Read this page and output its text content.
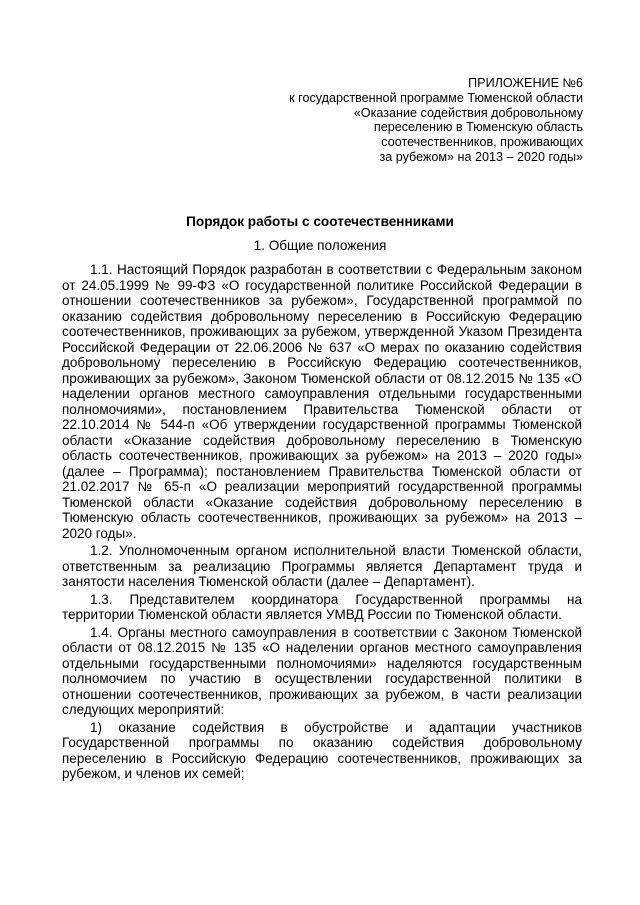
ПРИЛОЖЕНИЕ №6
к государственной программе Тюменской области
«Оказание содействия добровольному
переселению в Тюменскую область
соотечественников, проживающих
за рубежом» на 2013 – 2020 годы»
Порядок работы с соотечественниками
1. Общие положения

1.1. Настоящий Порядок разработан в соответствии с Федеральным законом от 24.05.1999 № 99-ФЗ «О государственной политике Российской Федерации в отношении соотечественников за рубежом», Государственной программой по оказанию содействия добровольному переселению в Российскую Федерацию соотечественников, проживающих за рубежом, утвержденной Указом Президента Российской Федерации от 22.06.2006 № 637 «О мерах по оказанию содействия добровольному переселению в Российскую Федерацию соотечественников, проживающих за рубежом», Законом Тюменской области от 08.12.2015 № 135 «О наделении органов местного самоуправления отдельными государственными полномочиями», постановлением Правительства Тюменской области от 22.10.2014 № 544-п «Об утверждении государственной программы Тюменской области «Оказание содействия добровольному переселению в Тюменскую область соотечественников, проживающих за рубежом» на 2013 – 2020 годы» (далее – Программа); постановлением Правительства Тюменской области от 21.02.2017 № 65-п «О реализации мероприятий государственной программы Тюменской области «Оказание содействия добровольному переселению в Тюменскую область соотечественников, проживающих за рубежом» на 2013 – 2020 годы».

1.2. Уполномоченным органом исполнительной власти Тюменской области, ответственным за реализацию Программы является Департамент труда и занятости населения Тюменской области (далее – Департамент).

1.3. Представителем координатора Государственной программы на территории Тюменской области является УМВД России по Тюменской области.

1.4. Органы местного самоуправления в соответствии с Законом Тюменской области от 08.12.2015 № 135 «О наделении органов местного самоуправления отдельными государственными полномочиями» наделяются государственным полномочием по участию в осуществлении государственной политики в отношении соотечественников, проживающих за рубежом, в части реализации следующих мероприятий:

1) оказание содействия в обустройстве и адаптации участников Государственной программы по оказанию содействия добровольному переселению в Российскую Федерацию соотечественников, проживающих за рубежом, и членов их семей;
